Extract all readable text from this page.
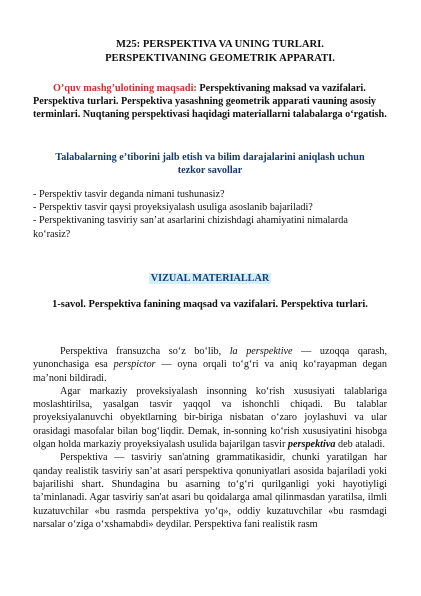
M25: PERSPEKTIVA VA UNING TURLARI.
PERSPEKTIVANING GEOMETRIK APPARATI.
O’quv mashg’ulotining maqsadi: Perspektivaning maksad va vazifalari. Perspektiva turlari. Perspektiva yasashning geometrik apparati vauning asosiy terminlari. Nuqtaning perspektivasi haqidagi materiallarni talabalarga o‘rgatish.
Talabalarning e’tiborini jalb etish va bilim darajalarini aniqlash uchun
tezkor savollar
- Perspektiv tasvir deganda nimani tushunasiz?
- Perspektiv tasvir qaysi proyeksiyalash usuliga asoslanib bajariladi?
- Perspektivaning tasviriy san’at asarlarini chizishdagi ahamiyatini nimalarda ko‘rasiz?
VIZUAL MATERIALLAR
1-savol. Perspektiva fanining maqsad va vazifalari. Perspektiva turlari.

Perspektiva fransuzcha so‘z bo‘lib, la perspektive — uzoqqa qarash, yunonchasiga esa perspictor — oyna orqali to‘g‘ri va aniq ko‘rayapman degan ma’noni bildiradi.

Agar markaziy proveksiyalash insonning ko‘rish xususiyati talablariga moslashtirilsa, yasalgan tasvir yaqqol va ishonchli chiqadi. Bu talablar proyeksiyalanuvchi obyektlarning bir-biriga nisbatan o‘zaro joylashuvi va ular orasidagi masofalar bilan bog‘liqdir. Demak, in-sonning ko‘rish xususiyatini hisobga olgan holda markaziy proyeksiyalash usulida bajarilgan tasvir perspektiva deb ataladi.

Perspektiva — tasviriy san'atning grammatikasidir, chunki yaratilgan har qanday realistik tasviriy san’at asari perspektiva qonuniyatlari asosida bajariladi yoki bajarilishi shart. Shundagina bu asarning to‘g‘ri qurilganligi yoki hayotiyligi ta’minlanadi. Agar tasviriy san'at asari bu qoidalarga amal qilinmasdan yaratilsa, ilmli kuzatuvchilar «bu rasmda perspektiva yo‘q», oddiy kuzatuvchilar «bu rasmdagi narsalar o‘ziga o‘xshamabdi» deydilar. Perspektiva fani realistik rasm
